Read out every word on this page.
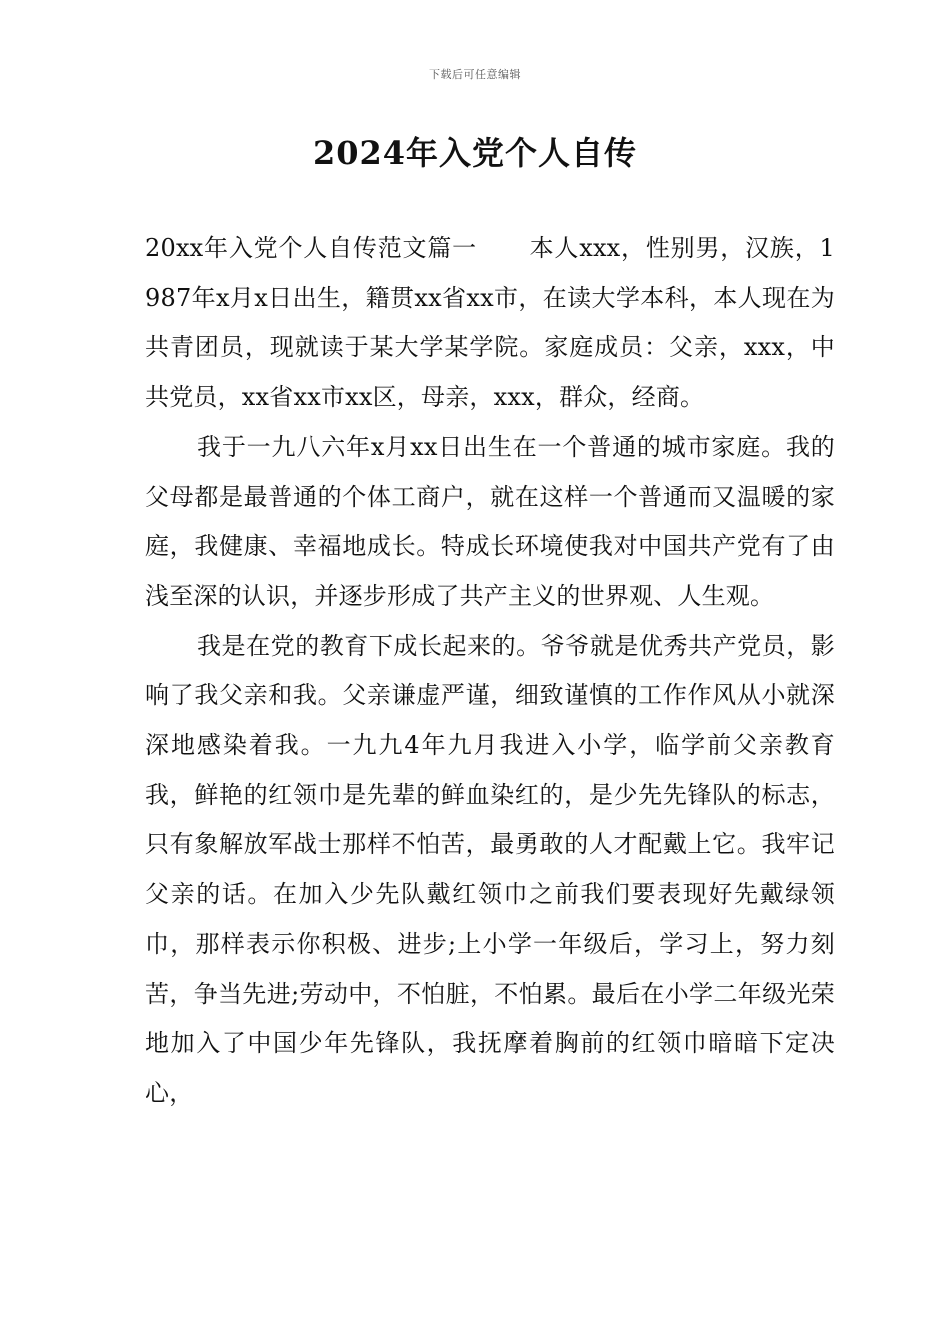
下载后可任意编辑
2024年入党个人自传

20xx年入党个人自传范文篇一 本人xxx，性别男，汉族，1987年x月x日出生，籍贯xx省xx市，在读大学本科，本人现在为共青团员，现就读于某大学某学院。家庭成员：父亲，xxx，中共党员，xx省xx市xx区，母亲，xxx，群众，经商。

我于一九八六年x月xx日出生在一个普通的城市家庭。我的父母都是最普通的个体工商户，就在这样一个普通而又温暖的家庭，我健康、幸福地成长。特成长环境使我对中国共产党有了由浅至深的认识，并逐步形成了共产主义的世界观、人生观。

我是在党的教育下成长起来的。爷爷就是优秀共产党员，影响了我父亲和我。父亲谦虚严谨，细致谨慎的工作作风从小就深深地感染着我。一九九4年九月我进入小学，临学前父亲教育我，鲜艳的红领巾是先辈的鲜血染红的，是少先先锋队的标志，只有象解放军战士那样不怕苦，最勇敢的人才配戴上它。我牢记父亲的话。在加入少先队戴红领巾之前我们要表现好先戴绿领巾，那样表示你积极、进步;上小学一年级后，学习上，努力刻苦，争当先进;劳动中，不怕脏，不怕累。最后在小学二年级光荣地加入了中国少年先锋队，我抚摩着胸前的红领巾暗暗下定决心，
